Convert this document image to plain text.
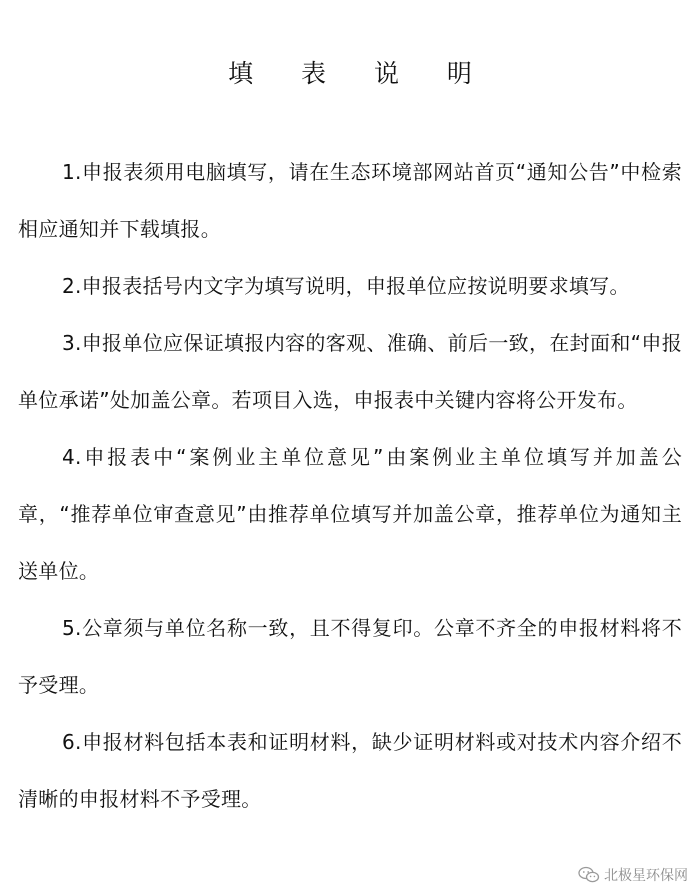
填 表 说 明

1.申报表须用电脑填写，请在生态环境部网站首页“通知公告”中检索相应通知并下载填报。

2.申报表括号内文字为填写说明，申报单位应按说明要求填写。

3.申报单位应保证填报内容的客观、准确、前后一致，在封面和“申报单位承诺”处加盖公章。若项目入选，申报表中关键内容将公开发布。

4.申报表中“案例业主单位意见”由案例业主单位填写并加盖公章，“推荐单位审查意见”由推荐单位填写并加盖公章，推荐单位为通知主送单位。

5.公章须与单位名称一致，且不得复印。公章不齐全的申报材料将不予受理。

6.申报材料包括本表和证明材料，缺少证明材料或对技术内容介绍不清晰的申报材料不予受理。

北极星环保网
